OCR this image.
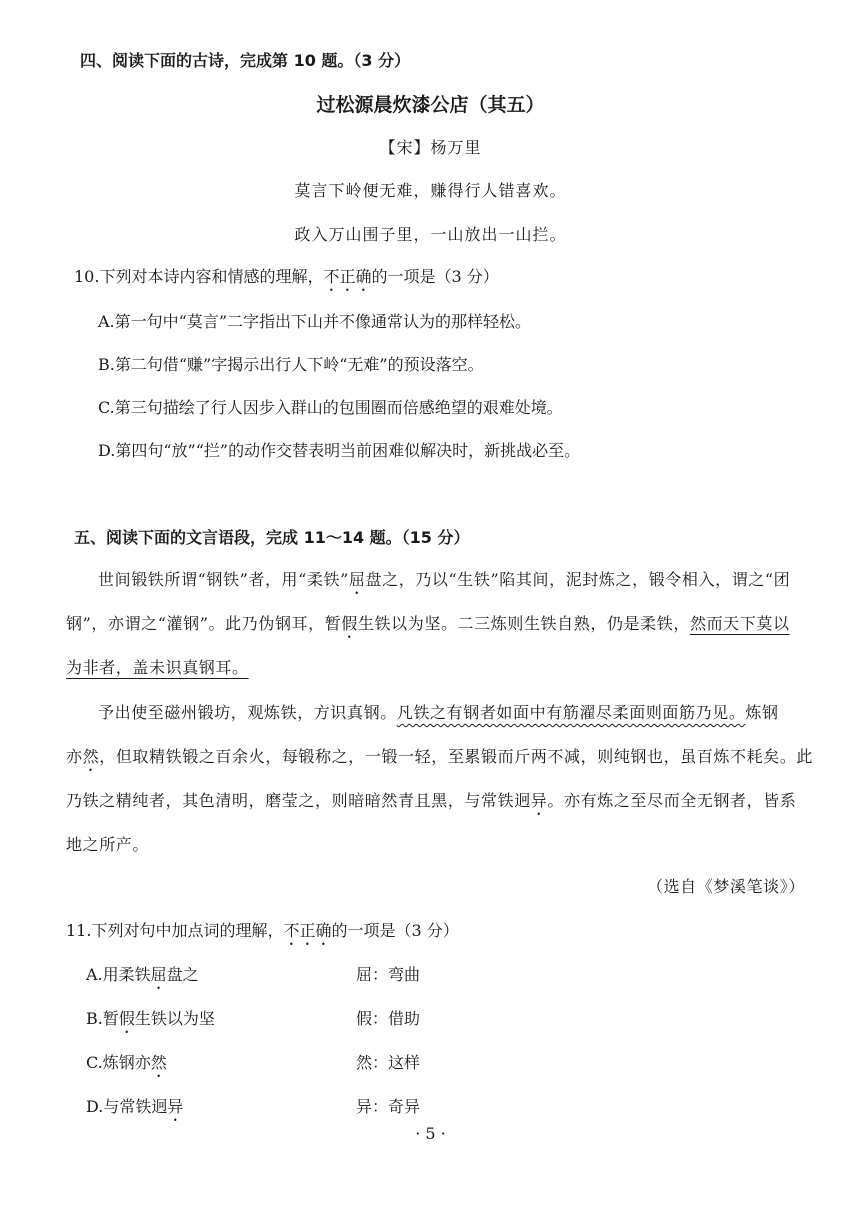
四、阅读下面的古诗，完成第 10 题。（3 分）
过松源晨炊漆公店（其五）
【宋】杨万里
莫言下岭便无难，赚得行人错喜欢。
政入万山围子里，一山放出一山拦。
10.下列对本诗内容和情感的理解，不正确的一项是（3 分）
A.第一句中“莫言”二字指出下山并不像通常认为的那样轻松。
B.第二句借“赚”字揭示出行人下岭“无难”的预设落空。
C.第三句描绘了行人因步入群山的包围圈而倍感绝望的艰难处境。
D.第四句“放”“拦”的动作交替表明当前困难似解决时，新挑战必至。
五、阅读下面的文言语段，完成 11～14 题。（15 分）
世间锻铁所谓“钢铁”者，用“柔铁”屈盘之，乃以“生铁”陷其间，泥封炼之，锻令相入，谓之“团
钢”，亦谓之“灌钢”。此乃伪钢耳，暂假生铁以为坚。二三炼则生铁自熟，仍是柔铁，然而天下莫以
为非者，盖未识真钢耳。
予出使至磁州锻坊，观炼铁，方识真钢。凡铁之有钢者如面中有筋濯尽柔面则面筋乃见。炼钢
亦然，但取精铁锻之百余火，每锻称之，一锻一轻，至累锻而斤两不减，则纯钢也，虽百炼不耗矣。此
乃铁之精纯者，其色清明，磨莹之，则暗暗然青且黑，与常铁迥异。亦有炼之至尽而全无钢者，皆系
地之所产。
（选自《梦溪笔谈》）
11.下列对句中加点词的理解，不正确的一项是（3 分）
A.用柔铁屈盘之	屈：弯曲
B.暂假生铁以为坚	假：借助
C.炼钢亦然	然：这样
D.与常铁迥异	异：奇异
· 5 ·
